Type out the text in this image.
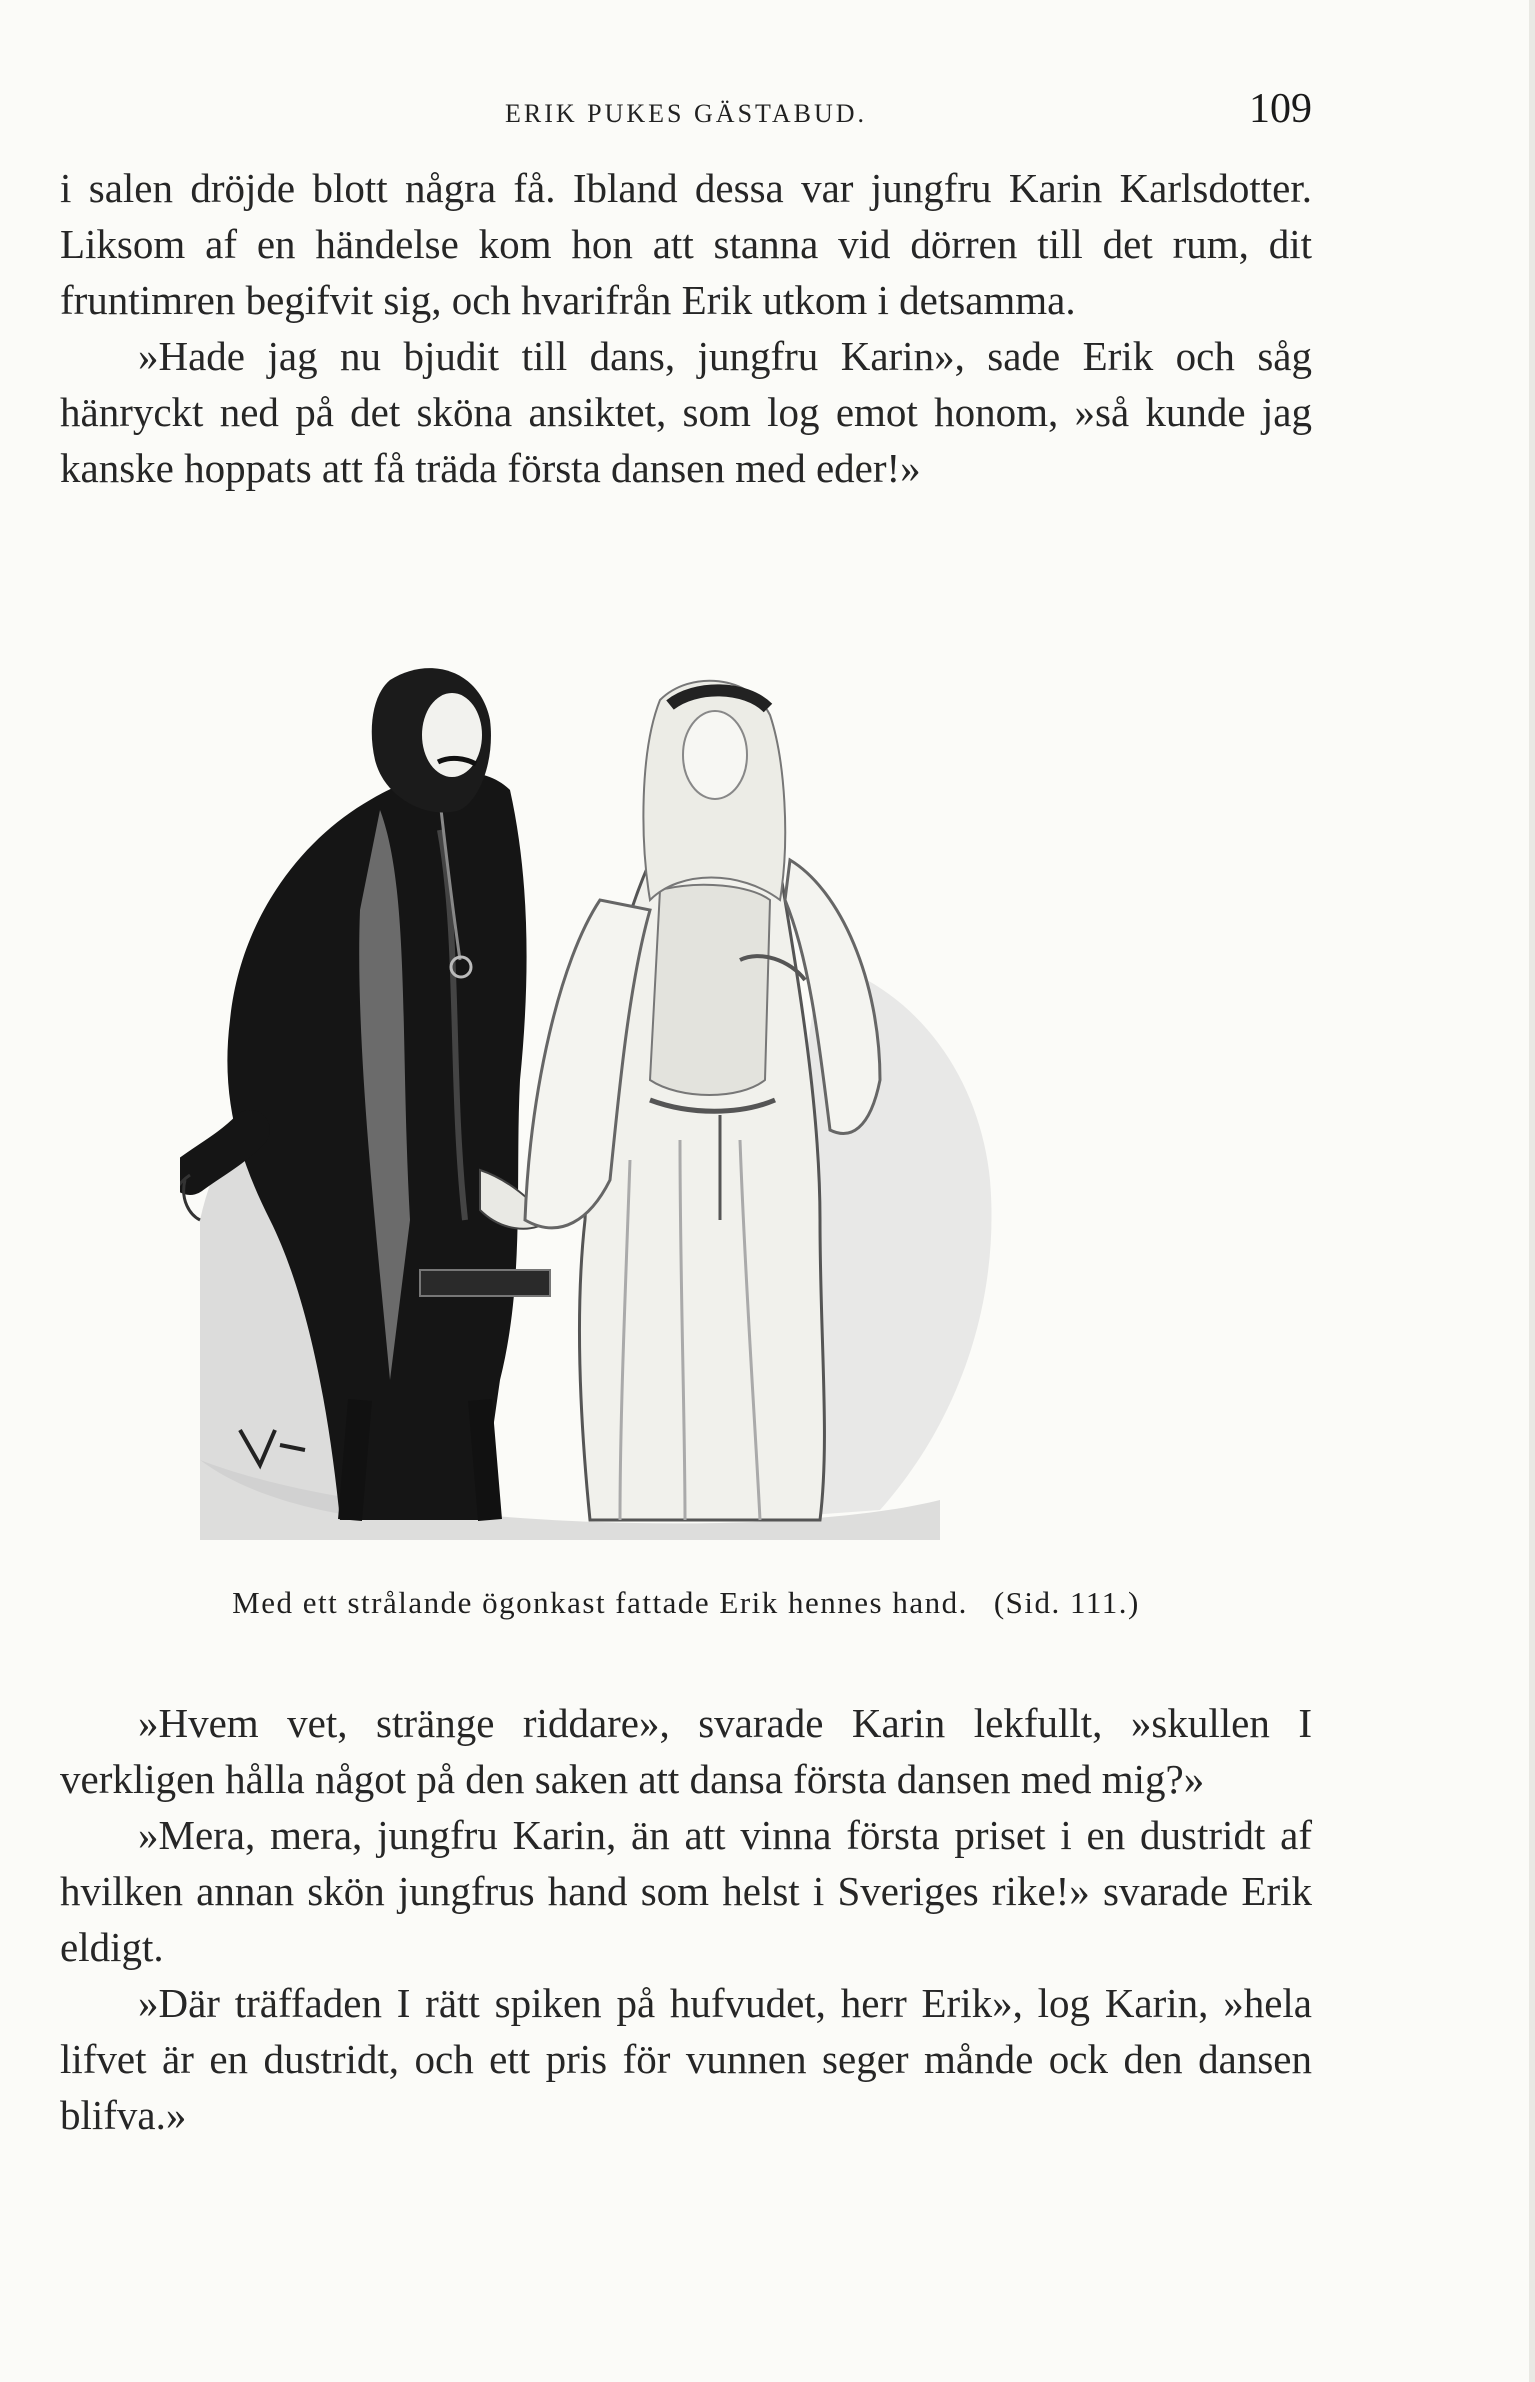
ERIK PUKES GÄSTABUD.	109

i salen dröjde blott några få. Ibland dessa var jungfru Karin Karlsdotter. Liksom af en händelse kom hon att stanna vid dörren till det rum, dit fruntimren begifvit sig, och hvarifrån Erik utkom i detsamma.

»Hade jag nu bjudit till dans, jungfru Karin», sade Erik och såg hänryckt ned på det sköna ansiktet, som log emot honom, »så kunde jag kanske hoppats att få träda första dansen med eder!»

Med ett strålande ögonkast fattade Erik hennes hand. (Sid. 111.)

»Hvem vet, stränge riddare», svarade Karin lekfullt, »skullen I verkligen hålla något på den saken att dansa första dansen med mig?»

»Mera, mera, jungfru Karin, än att vinna första priset i en dustridt af hvilken annan skön jungfrus hand som helst i Sveriges rike!» svarade Erik eldigt.

»Där träffaden I rätt spiken på hufvudet, herr Erik», log Karin, »hela lifvet är en dustridt, och ett pris för vunnen seger månde ock den dansen blifva.»
